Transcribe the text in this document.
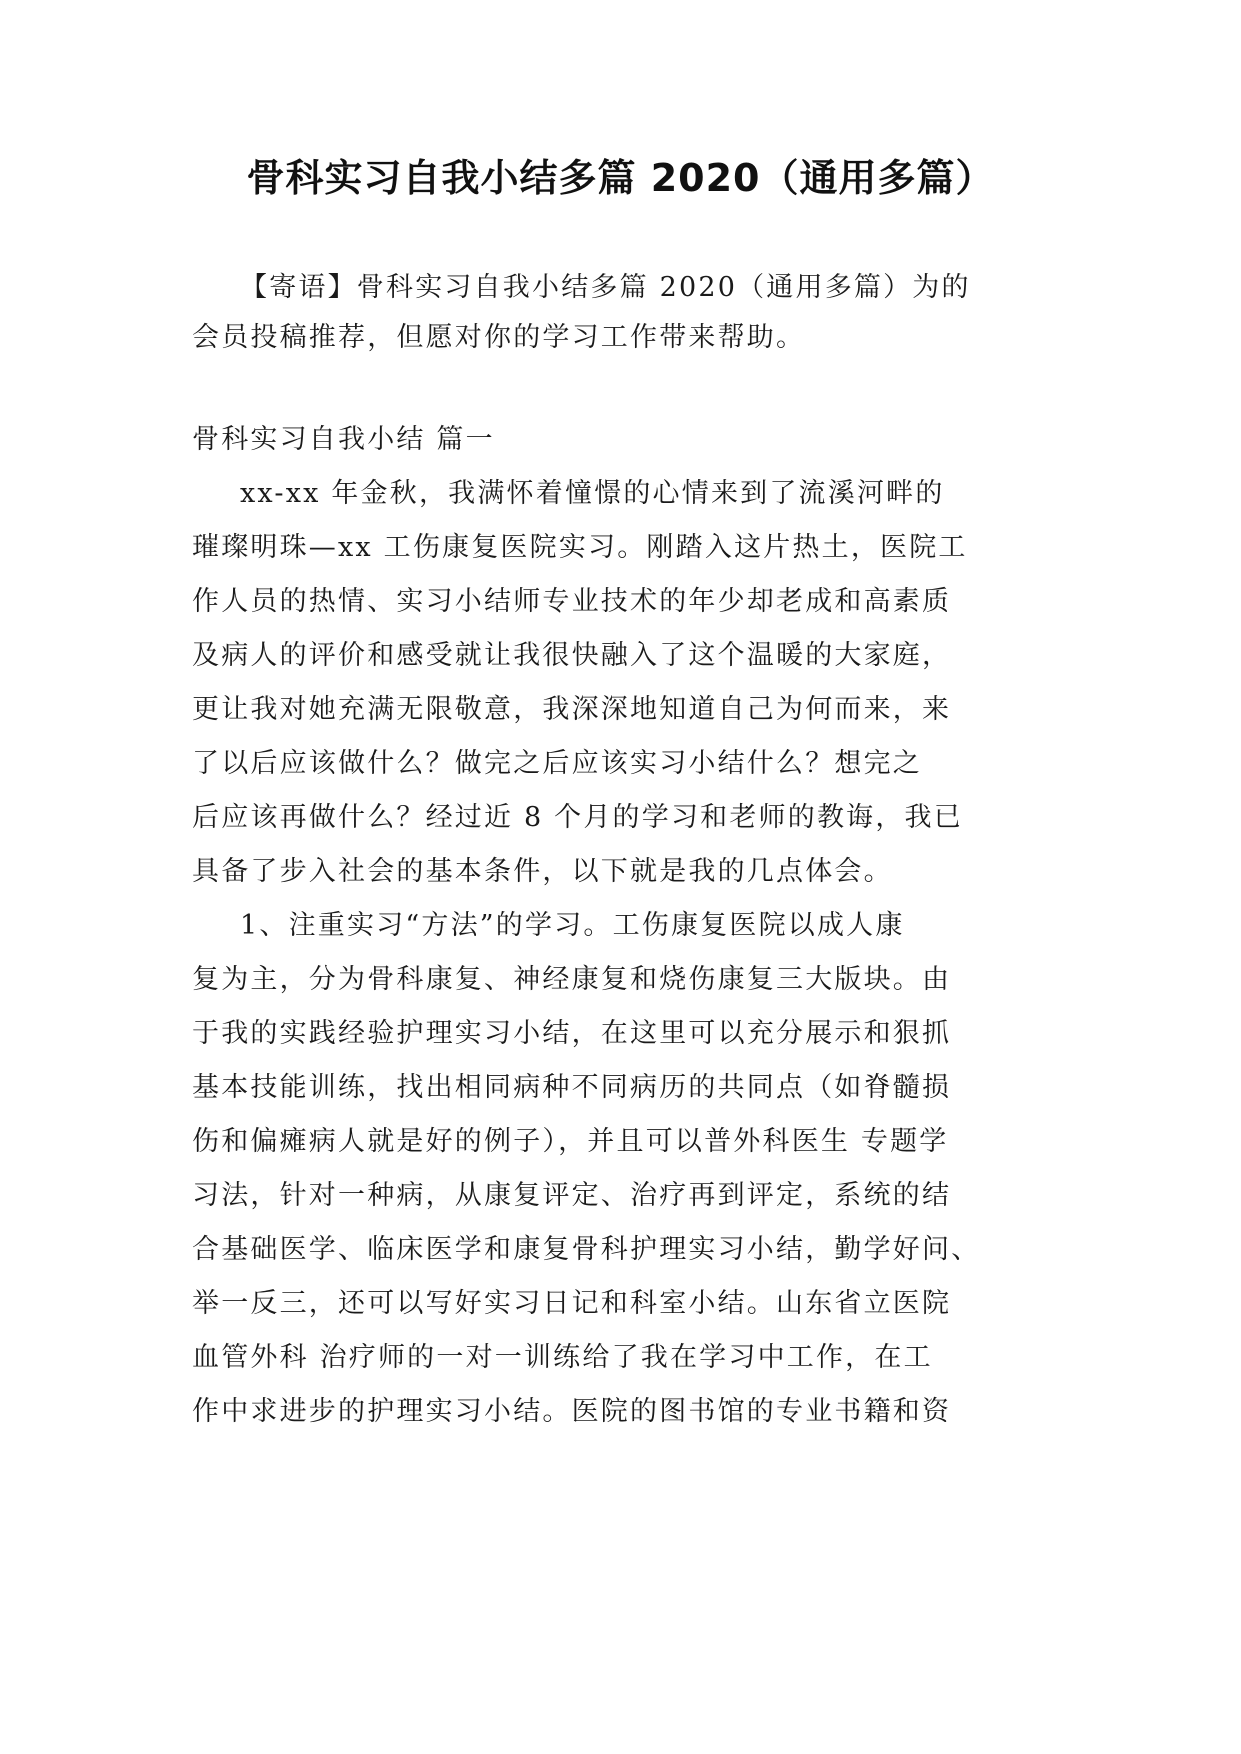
骨科实习自我小结多篇 2020（通用多篇）
【寄语】骨科实习自我小结多篇 2020（通用多篇）为的
会员投稿推荐，但愿对你的学习工作带来帮助。
骨科实习自我小结 篇一
xx-xx 年金秋，我满怀着憧憬的心情来到了流溪河畔的
璀璨明珠—xx 工伤康复医院实习。刚踏入这片热土，医院工
作人员的热情、实习小结师专业技术的年少却老成和高素质
及病人的评价和感受就让我很快融入了这个温暖的大家庭，
更让我对她充满无限敬意，我深深地知道自己为何而来，来
了以后应该做什么？做完之后应该实习小结什么？想完之
后应该再做什么？经过近 8 个月的学习和老师的教诲，我已
具备了步入社会的基本条件，以下就是我的几点体会。
1、注重实习“方法”的学习。工伤康复医院以成人康
复为主，分为骨科康复、神经康复和烧伤康复三大版块。由
于我的实践经验护理实习小结，在这里可以充分展示和狠抓
基本技能训练，找出相同病种不同病历的共同点（如脊髓损
伤和偏瘫病人就是好的例子），并且可以普外科医生 专题学
习法，针对一种病，从康复评定、治疗再到评定，系统的结
合基础医学、临床医学和康复骨科护理实习小结，勤学好问、
举一反三，还可以写好实习日记和科室小结。山东省立医院
血管外科 治疗师的一对一训练给了我在学习中工作，在工
作中求进步的护理实习小结。医院的图书馆的专业书籍和资
